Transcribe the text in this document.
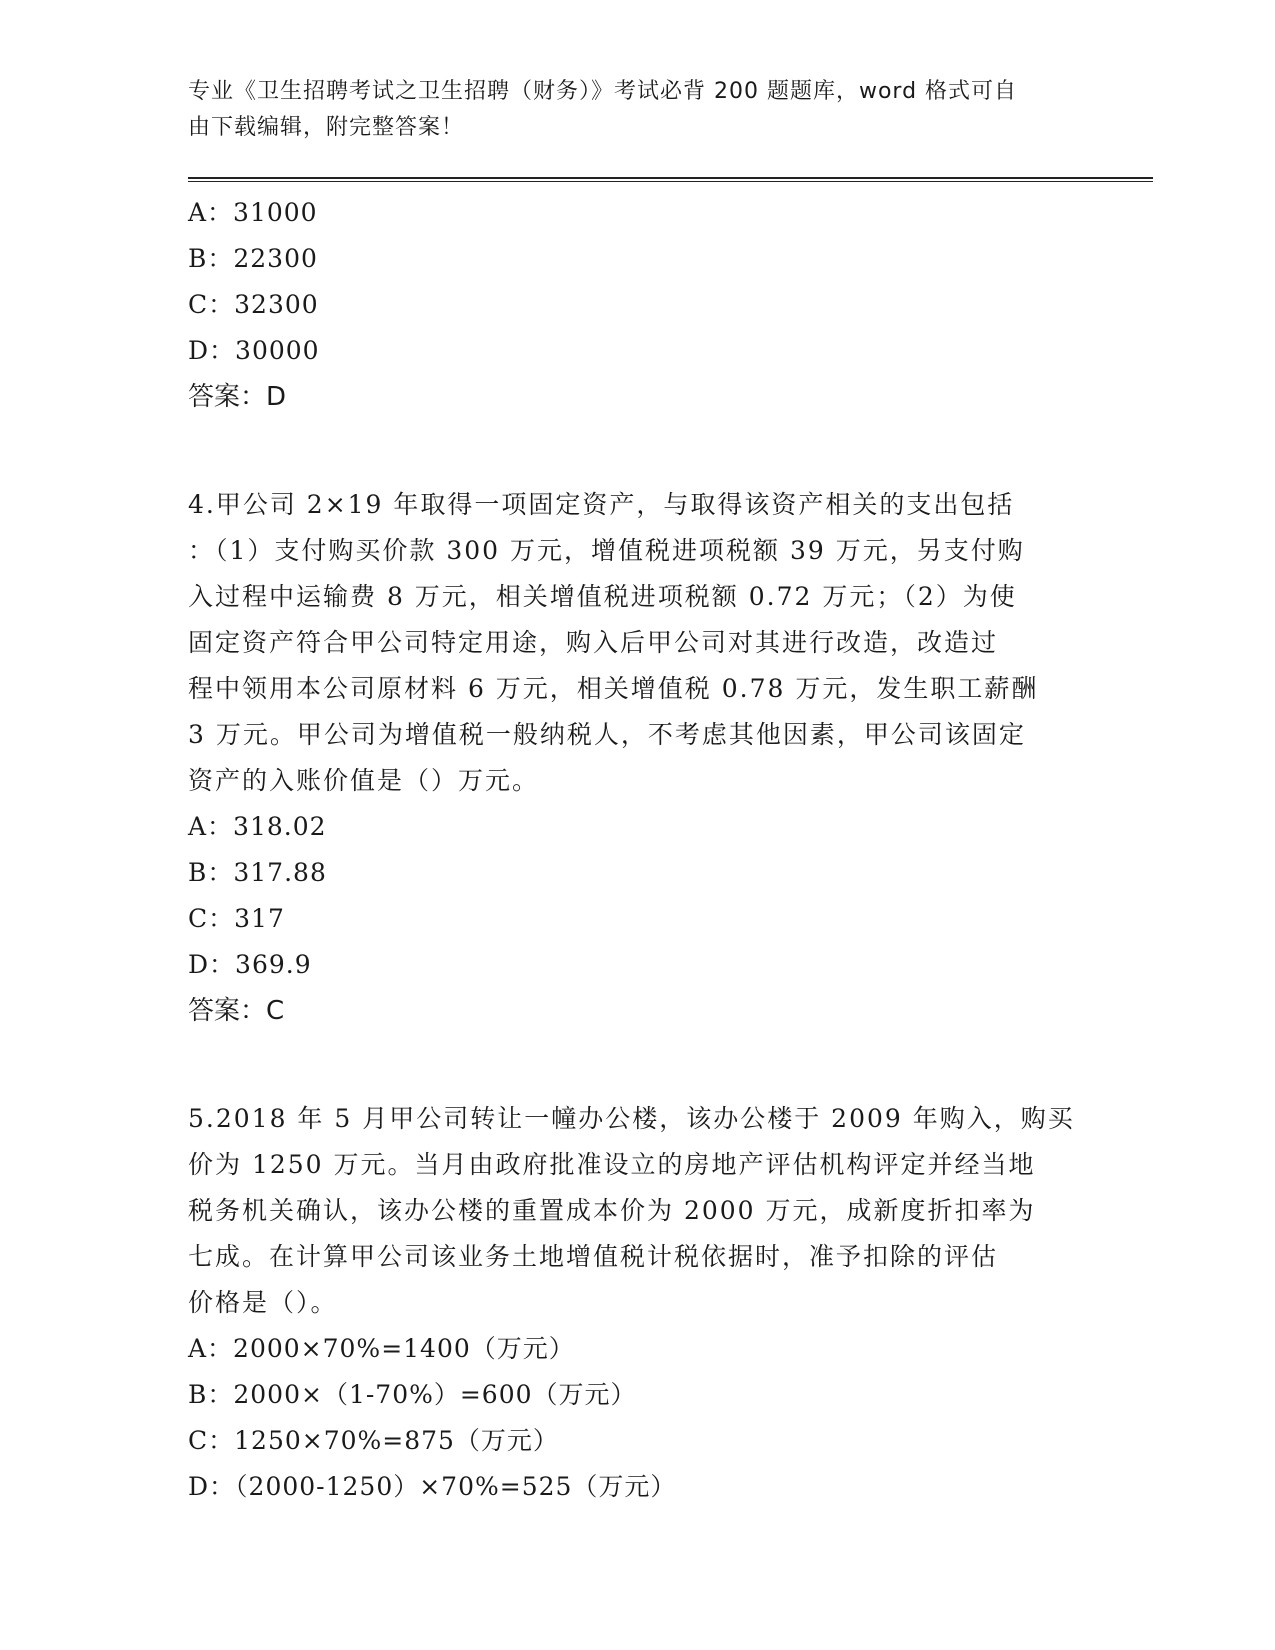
专业《卫生招聘考试之卫生招聘（财务）》考试必背 200 题题库，word 格式可自
由下载编辑，附完整答案！
A：31000
B：22300
C：32300
D：30000
答案：D
4.甲公司 2×19 年取得一项固定资产，与取得该资产相关的支出包括
：（1）支付购买价款 300 万元，增值税进项税额 39 万元，另支付购
入过程中运输费 8 万元，相关增值税进项税额 0.72 万元；（2）为使
固定资产符合甲公司特定用途，购入后甲公司对其进行改造，改造过
程中领用本公司原材料 6 万元，相关增值税 0.78 万元，发生职工薪酬
3 万元。甲公司为增值税一般纳税人，不考虑其他因素，甲公司该固定
资产的入账价值是（）万元。
A：318.02
B：317.88
C：317
D：369.9
答案：C
5.2018 年 5 月甲公司转让一幢办公楼，该办公楼于 2009 年购入，购买
价为 1250 万元。当月由政府批准设立的房地产评估机构评定并经当地
税务机关确认，该办公楼的重置成本价为 2000 万元，成新度折扣率为
七成。在计算甲公司该业务土地增值税计税依据时，准予扣除的评估
价格是（）。
A：2000×70%=1400（万元）
B：2000×（1-70%）=600（万元）
C：1250×70%=875（万元）
D：（2000-1250）×70%=525（万元）
